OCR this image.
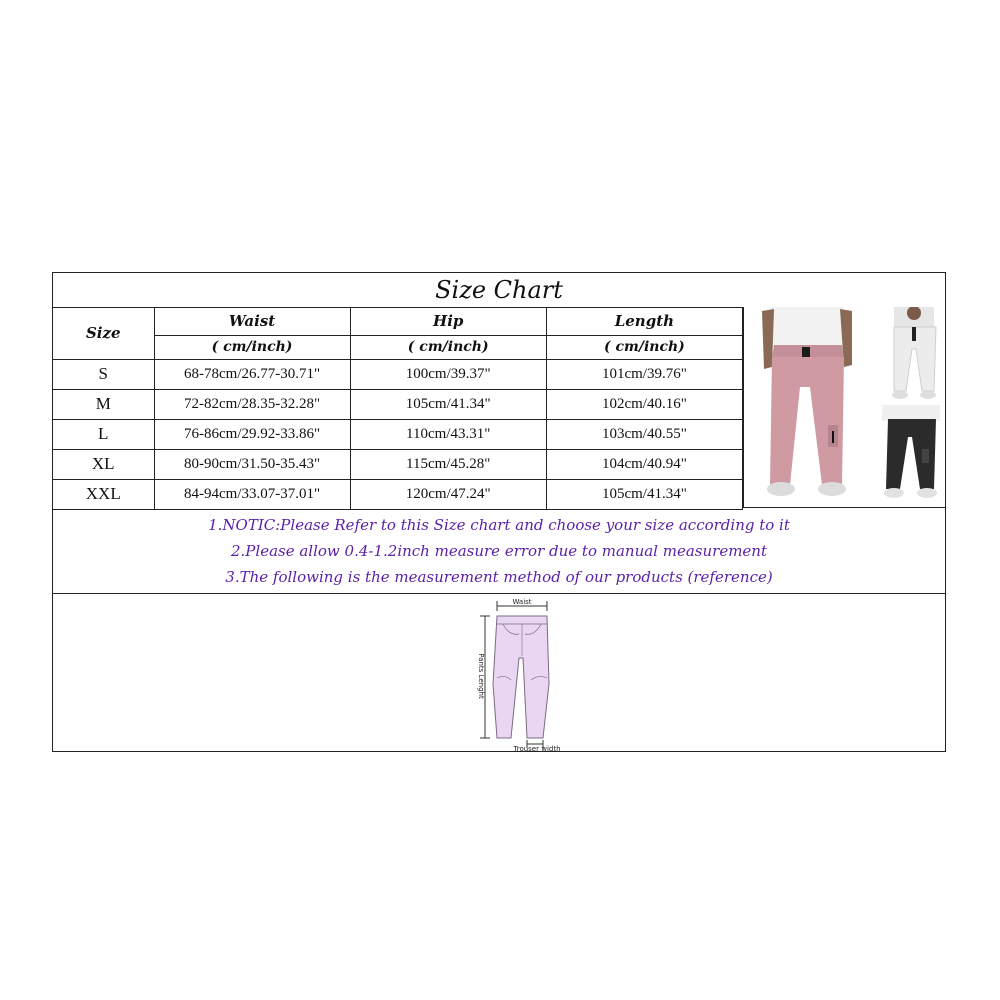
Size Chart
Size	Waist	Hip	Length
	( cm/inch)	( cm/inch)	( cm/inch)
S	68-78cm/26.77-30.71"	100cm/39.37"	101cm/39.76"
M	72-82cm/28.35-32.28"	105cm/41.34"	102cm/40.16"
L	76-86cm/29.92-33.86"	110cm/43.31"	103cm/40.55"
XL	80-90cm/31.50-35.43"	115cm/45.28"	104cm/40.94"
XXL	84-94cm/33.07-37.01"	120cm/47.24"	105cm/41.34"
1.NOTIC:Please Refer to this Size chart and choose your size according to it
2.Please allow 0.4-1.2inch measure error due to manual measurement
3.The following is the measurement method of our products (reference)
Waist
Pants Lenght
Trouser width
